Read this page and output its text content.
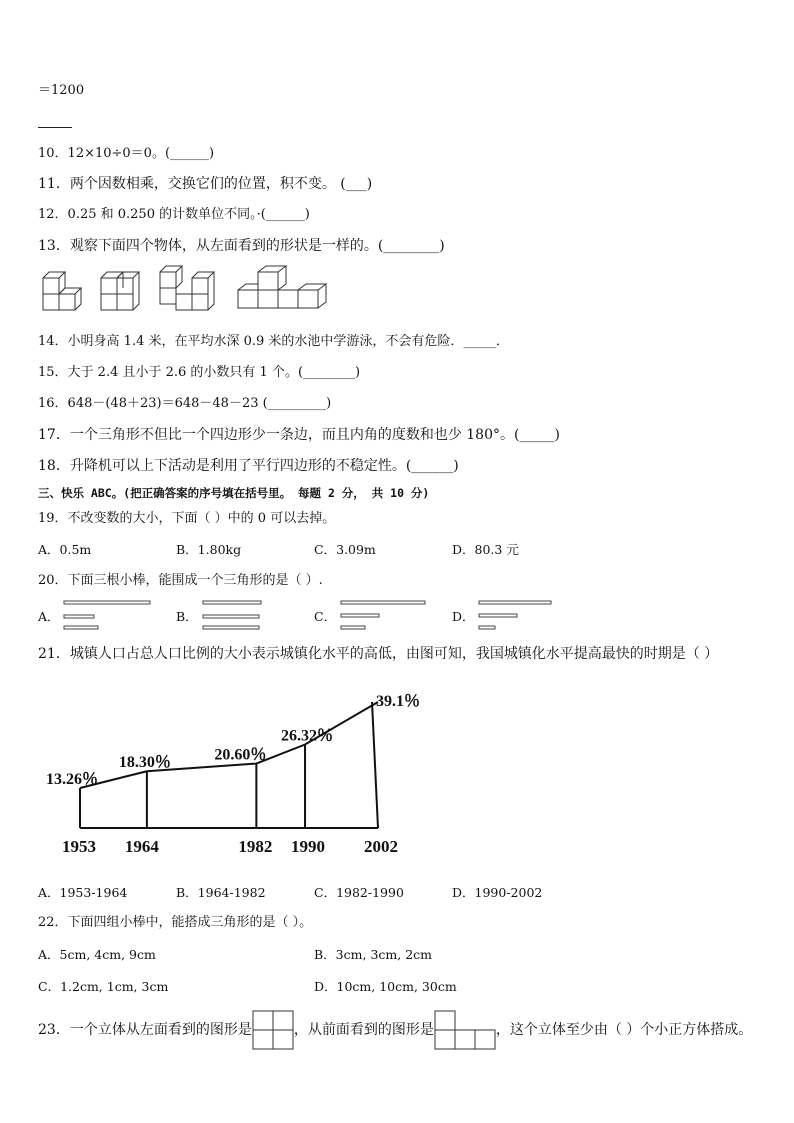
＝1200
10．12×10÷0＝0。(______)
11．两个因数相乘，交换它们的位置，积不变。 (___)
12．0.25 和 0.250 的计数单位不同。·(______)
13．观察下面四个物体，从左面看到的形状是一样的。(________)
14．小明身高 1.4 米，在平均水深 0.9 米的水池中学游泳，不会有危险．_____．
15．大于 2.4 且小于 2.6 的小数只有 1 个。(________)
16．648－(48＋23)＝648－48－23 (_________)
17．一个三角形不但比一个四边形少一条边，而且内角的度数和也少 180°。(_____)
18．升降机可以上下活动是利用了平行四边形的不稳定性。(______)
三、快乐 ABC。(把正确答案的序号填在括号里。 每题 2 分， 共 10 分)
19．不改变数的大小，下面（ ）中的 0 可以去掉。
A．0.5m	B．1.80kg	C．3.09m	D．80.3 元
20．下面三根小棒，能围成一个三角形的是（ ）.
A．	B．	C．	D．
21．城镇人口占总人口比例的大小表示城镇化水平的高低，由图可知，我国城镇化水平提高最快的时期是（ ）
13.26％
18.30％	20.60％
26.32％
39.1％
1953 1964	1982 1990 2002
A．1953-1964	B．1964-1982	C．1982-1990	D．1990-2002
22．下面四组小棒中，能搭成三角形的是（ ）。
A．5cm, 4cm, 9cm	B．3cm, 3cm, 2cm
C．1.2cm, 1cm, 3cm	D．10cm, 10cm, 30cm
23．一个立体从左面看到的图形是	，从前面看到的图形是	，这个立体至少由（ ）个小正方体搭成。
